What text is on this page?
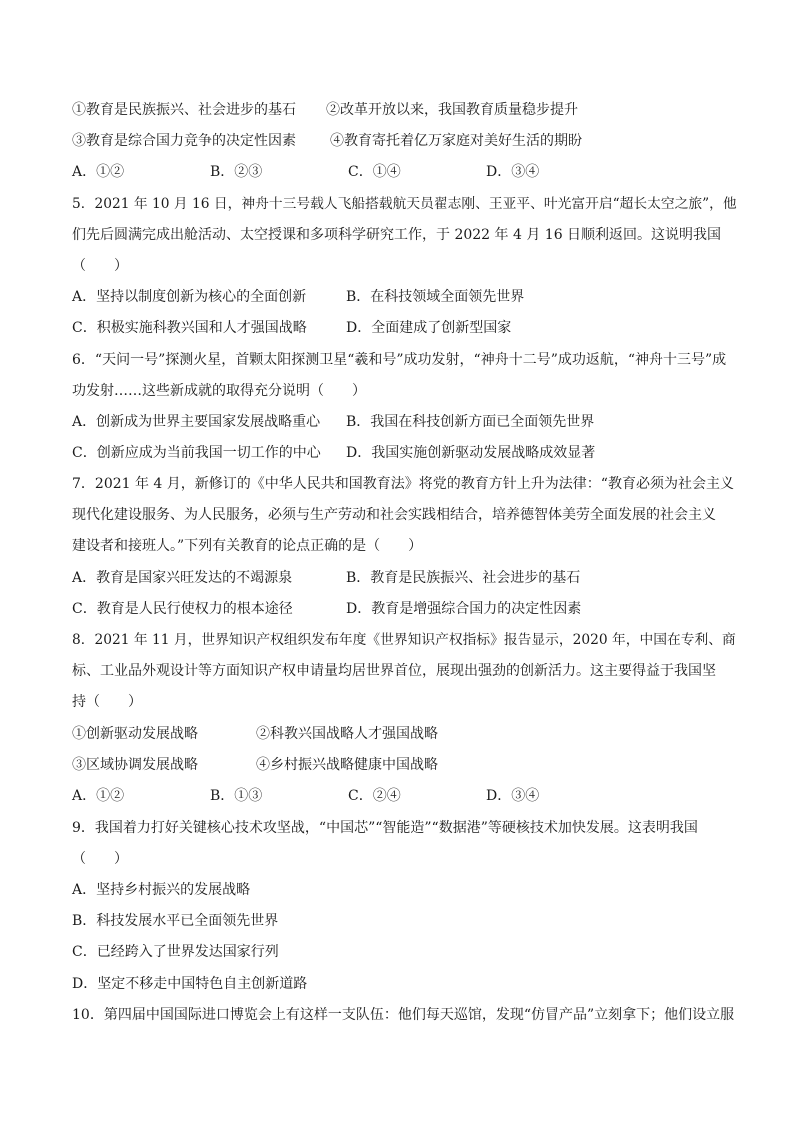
①教育是民族振兴、社会进步的基石 ②改革开放以来，我国教育质量稳步提升
③教育是综合国力竞争的决定性因素 ④教育寄托着亿万家庭对美好生活的期盼
A．①②	B．②③	C．①④	D．③④
5．2021 年 10 月 16 日，神舟十三号载人飞船搭载航天员翟志刚、王亚平、叶光富开启“超长太空之旅”，他
们先后圆满完成出舱活动、太空授课和多项科学研究工作，于 2022 年 4 月 16 日顺利返回。这说明我国
（　　）
A．坚持以制度创新为核心的全面创新	B．在科技领域全面领先世界
C．积极实施科教兴国和人才强国战略	D．全面建成了创新型国家
6．“天问一号”探测火星，首颗太阳探测卫星“羲和号”成功发射，“神舟十二号”成功返航，“神舟十三号”成
功发射……这些新成就的取得充分说明（　　）
A．创新成为世界主要国家发展战略重心 B．我国在科技创新方面已全面领先世界
C．创新应成为当前我国一切工作的中心 D．我国实施创新驱动发展战略成效显著
7．2021 年 4 月，新修订的《中华人民共和国教育法》将党的教育方针上升为法律：“教育必须为社会主义
现代化建设服务、为人民服务，必须与生产劳动和社会实践相结合，培养德智体美劳全面发展的社会主义
建设者和接班人。”下列有关教育的论点正确的是（　　）
A．教育是国家兴旺发达的不竭源泉	B．教育是民族振兴、社会进步的基石
C．教育是人民行使权力的根本途径	D．教育是增强综合国力的决定性因素
8．2021 年 11 月，世界知识产权组织发布年度《世界知识产权指标》报告显示，2020 年，中国在专利、商
标、工业品外观设计等方面知识产权申请量均居世界首位，展现出强劲的创新活力。这主要得益于我国坚
持（　　）
①创新驱动发展战略	②科教兴国战略人才强国战略
③区域协调发展战略	④乡村振兴战略健康中国战略
A．①②	B．①③	C．②④	D．③④
9．我国着力打好关键核心技术攻坚战，“中国芯”“智能造”“数据港”等硬核技术加快发展。这表明我国
（　　）
A．坚持乡村振兴的发展战略
B．科技发展水平已全面领先世界
C．已经跨入了世界发达国家行列
D．坚定不移走中国特色自主创新道路
10．第四届中国国际进口博览会上有这样一支队伍：他们每天巡馆，发现“仿冒产品”立刻拿下；他们设立服
